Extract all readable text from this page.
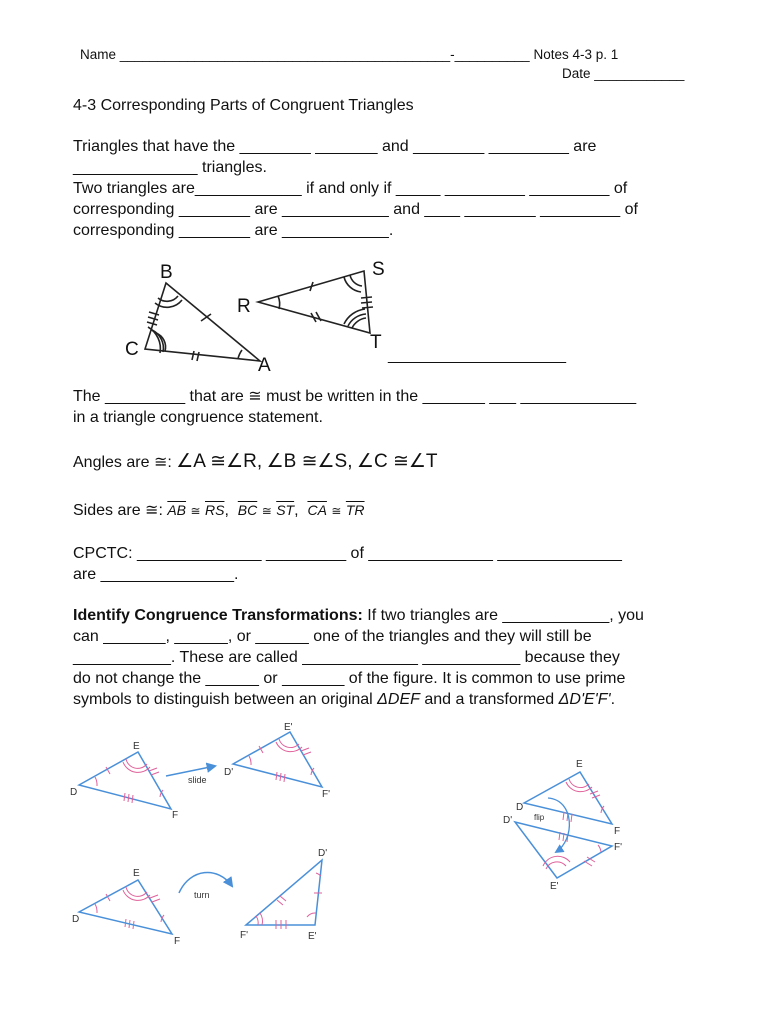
Name ____________________________________________-__________ Notes 4-3 p. 1
Date ____________
4-3 Corresponding Parts of Congruent Triangles
Triangles that have the ________ _______ and ________ _________ are
______________ triangles.
Two triangles are____________ if and only if _____ _________ _________ of
corresponding ________ are ____________ and ____ ________ _________ of
corresponding ________ are ____________.
B
C
A
S
R
T
____________________
The _________ that are ≅ must be written in the _______ ___ _____________
in a triangle congruence statement.
Angles are ≅: ∠A ≅∠R, ∠B ≅∠S, ∠C ≅∠T
Sides are ≅: $\overline{AB}$ ≅ $\overline{RS}$, $\overline{BC}$ ≅ $\overline{ST}$, $\overline{CA}$ ≅ $\overline{TR}$
CPCTC: ______________ _________ of ______________ ______________
are _______________.
Identify Congruence Transformations: If two triangles are ____________, you
can _______, ______, or ______ one of the triangles and they will still be
___________. These are called _____________ ___________ because they
do not change the ______ or _______ of the figure. It is common to use prime
symbols to distinguish between an original ΔDEF and a transformed ΔD'E'F'.
E
D
F
slide
E'
D'
F'
E
D
F
D'
F'
E'
flip
E
D
F
turn
D'
F'	E'
